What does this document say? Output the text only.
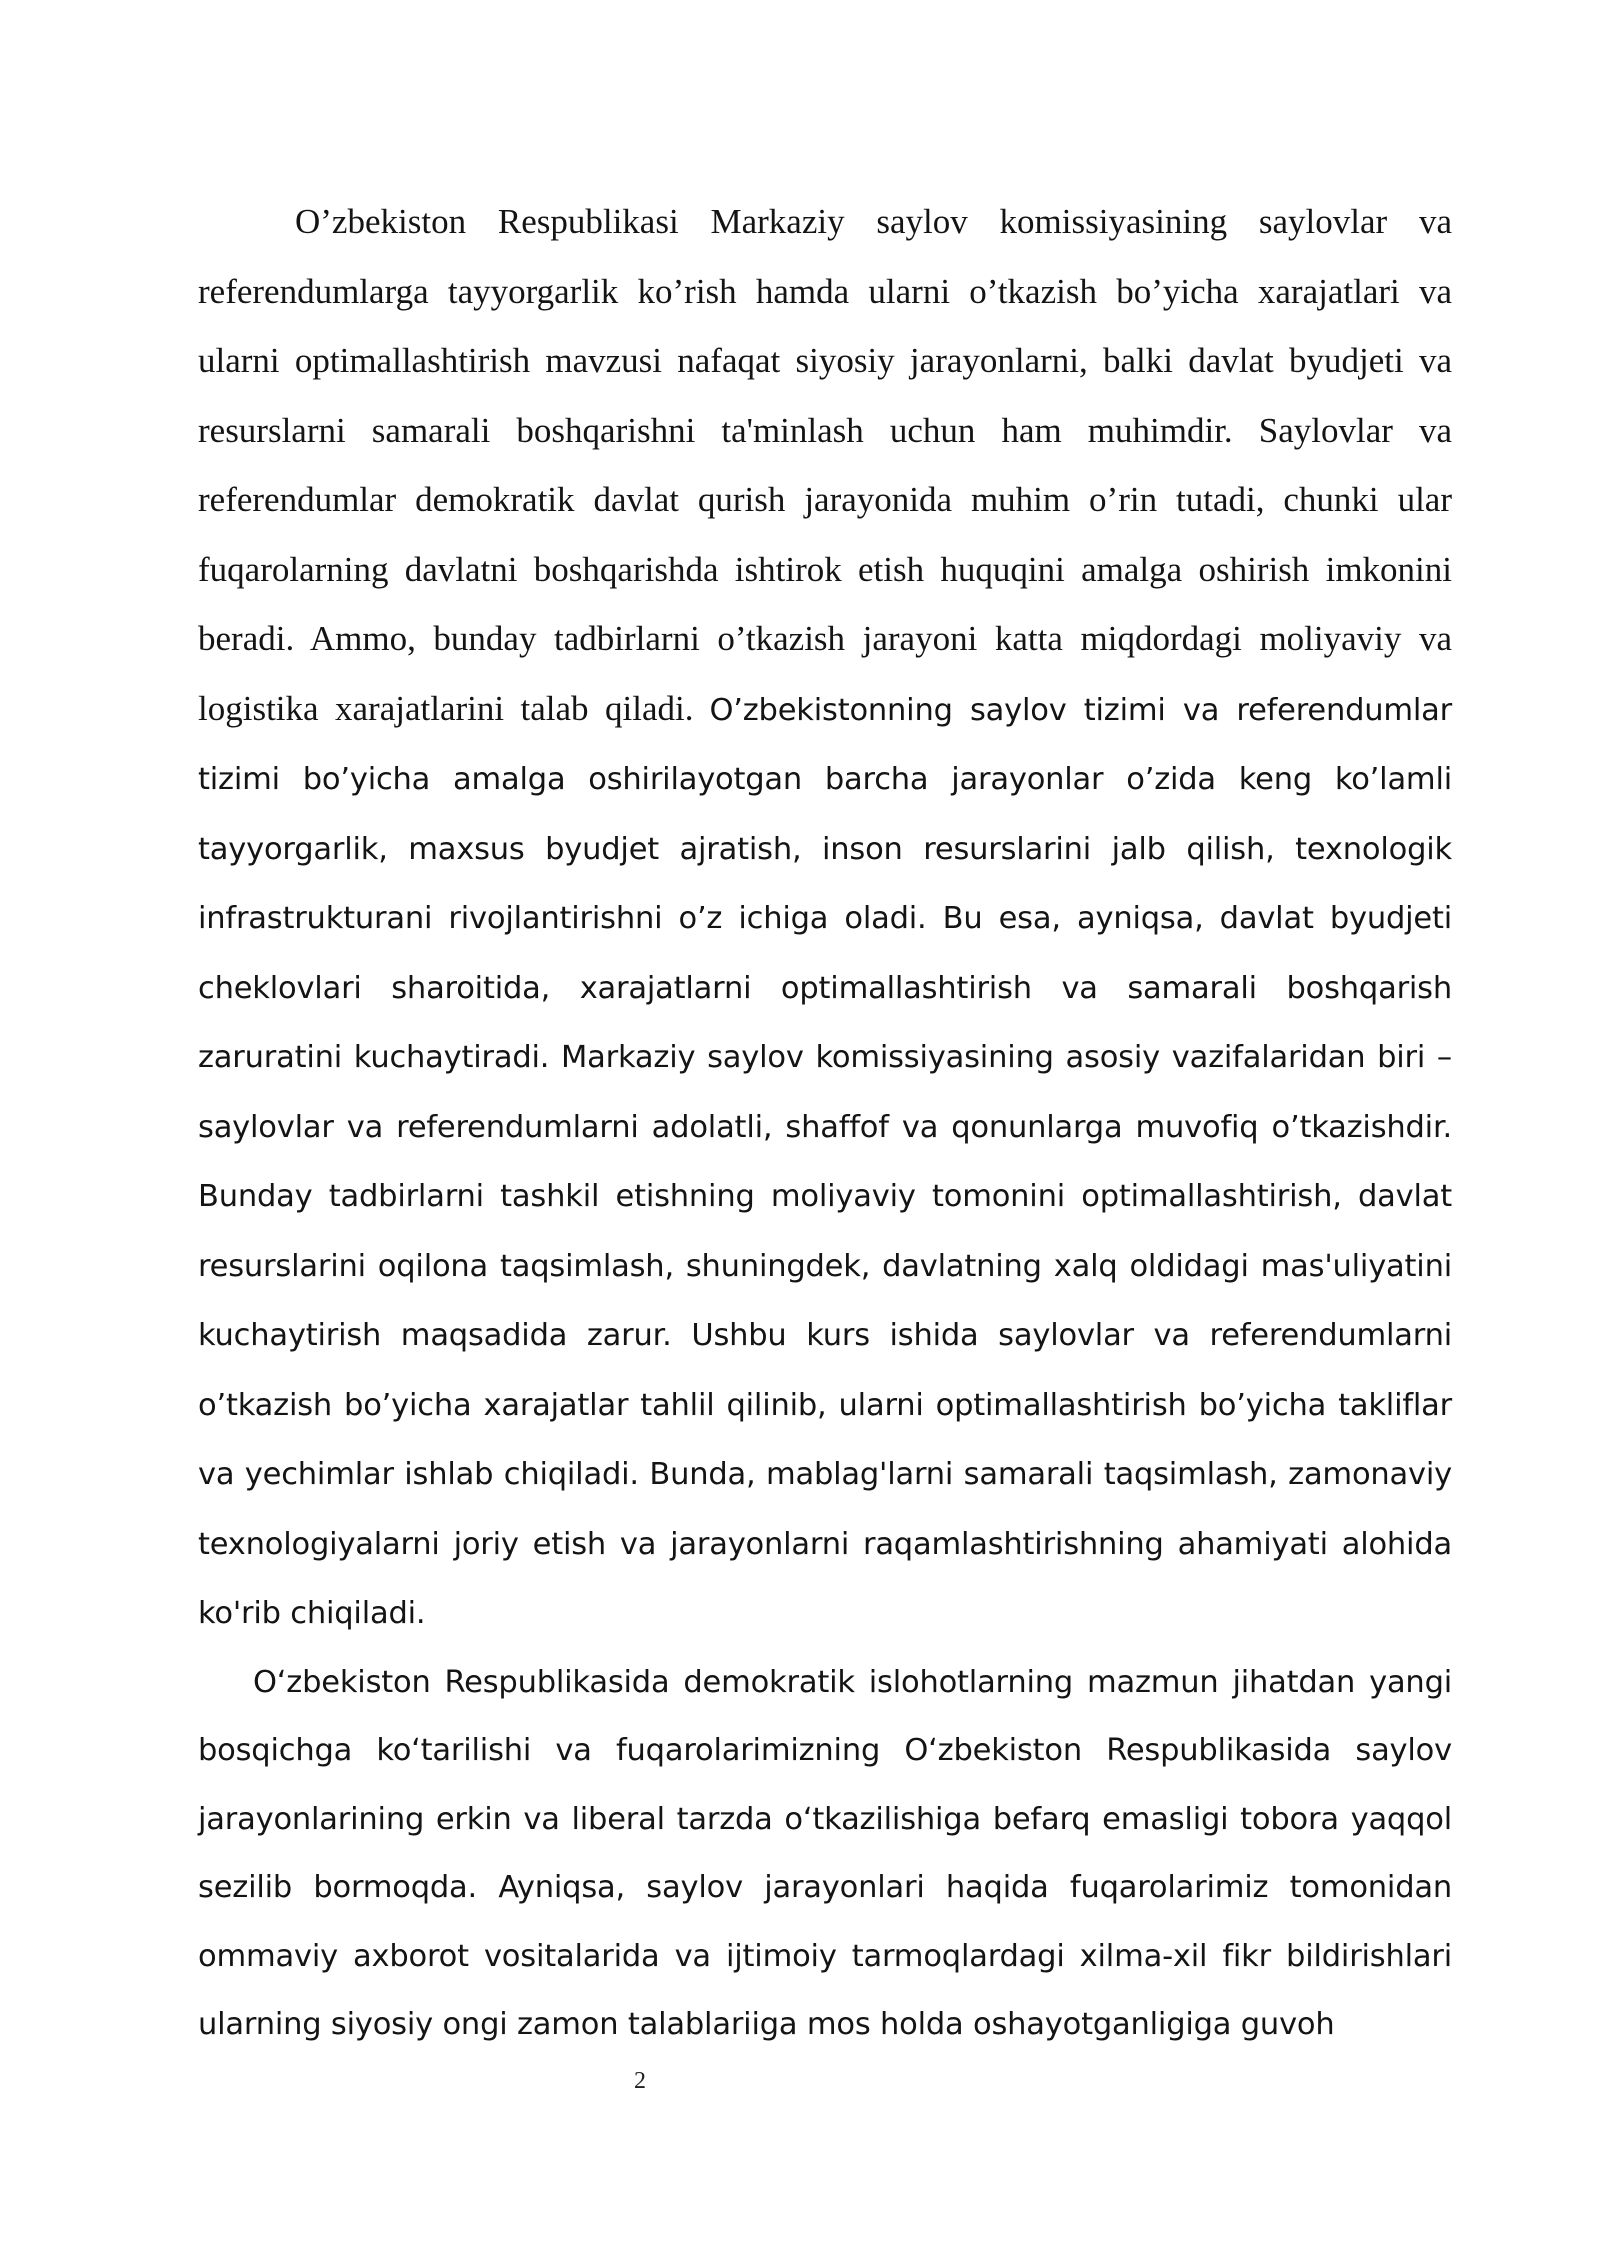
O’zbekiston Respublikasi Markaziy saylov komissiyasining saylovlar va referendumlarga tayyorgarlik ko’rish hamda ularni o’tkazish bo’yicha xarajatlari va ularni optimallashtirish mavzusi nafaqat siyosiy jarayonlarni, balki davlat byudjeti va resurslarni samarali boshqarishni ta'minlash uchun ham muhimdir. Saylovlar va referendumlar demokratik davlat qurish jarayonida muhim o’rin tutadi, chunki ular fuqarolarning davlatni boshqarishda ishtirok etish huquqini amalga oshirish imkonini beradi. Ammo, bunday tadbirlarni o’tkazish jarayoni katta miqdordagi moliyaviy va logistika xarajatlarini talab qiladi. O’zbekistonning saylov tizimi va referendumlar tizimi bo’yicha amalga oshirilayotgan barcha jarayonlar o’zida keng ko’lamli tayyorgarlik, maxsus byudjet ajratish, inson resurslarini jalb qilish, texnologik infrastrukturani rivojlantirishni o’z ichiga oladi. Bu esa, ayniqsa, davlat byudjeti cheklovlari sharoitida, xarajatlarni optimallashtirish va samarali boshqarish zaruratini kuchaytiradi. Markaziy saylov komissiyasining asosiy vazifalaridan biri – saylovlar va referendumlarni adolatli, shaffof va qonunlarga muvofiq o’tkazishdir. Bunday tadbirlarni tashkil etishning moliyaviy tomonini optimallashtirish, davlat resurslarini oqilona taqsimlash, shuningdek, davlatning xalq oldidagi mas'uliyatini kuchaytirish maqsadida zarur. Ushbu kurs ishida saylovlar va referendumlarni o’tkazish bo’yicha xarajatlar tahlil qilinib, ularni optimallashtirish bo’yicha takliflar va yechimlar ishlab chiqiladi. Bunda, mablag'larni samarali taqsimlash, zamonaviy texnologiyalarni joriy etish va jarayonlarni raqamlashtirishning ahamiyati alohida ko'rib chiqiladi.

Oʻzbekiston Respublikasida demokratik islohotlarning mazmun jihatdan yangi bosqichga koʻtarilishi va fuqarolarimizning Oʻzbekiston Respublikasida saylov jarayonlarining erkin va liberal tarzda oʻtkazilishiga befarq emasligi tobora yaqqol sezilib bormoqda. Ayniqsa, saylov jarayonlari haqida fuqarolarimiz tomonidan ommaviy axborot vositalarida va ijtimoiy tarmoqlardagi xilma-xil fikr bildirishlari ularning siyosiy ongi zamon talablariiga mos holda oshayotganligiga guvoh

2
